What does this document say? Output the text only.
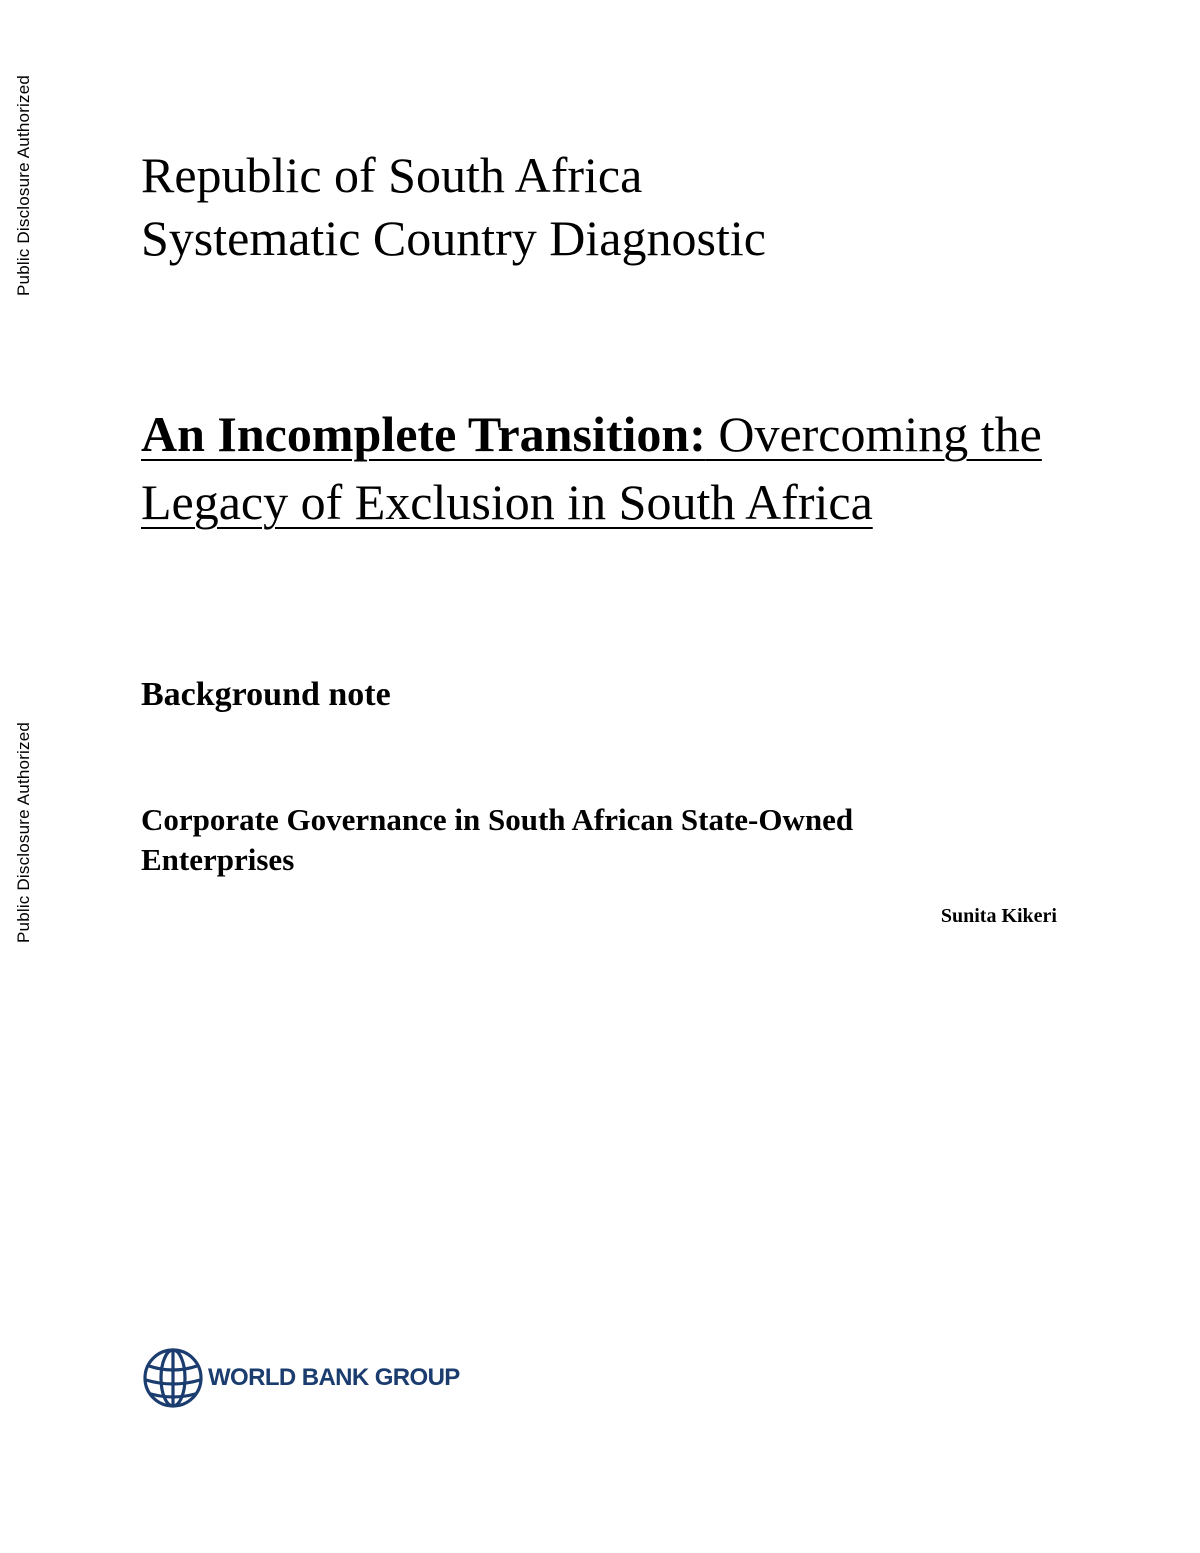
Public Disclosure Authorized
Public Disclosure Authorized
Republic of South Africa
Systematic Country Diagnostic
An Incomplete Transition: Overcoming the Legacy of Exclusion in South Africa
Background note
Corporate Governance in South African State-Owned Enterprises
Sunita Kikeri
WORLD BANK GROUP
